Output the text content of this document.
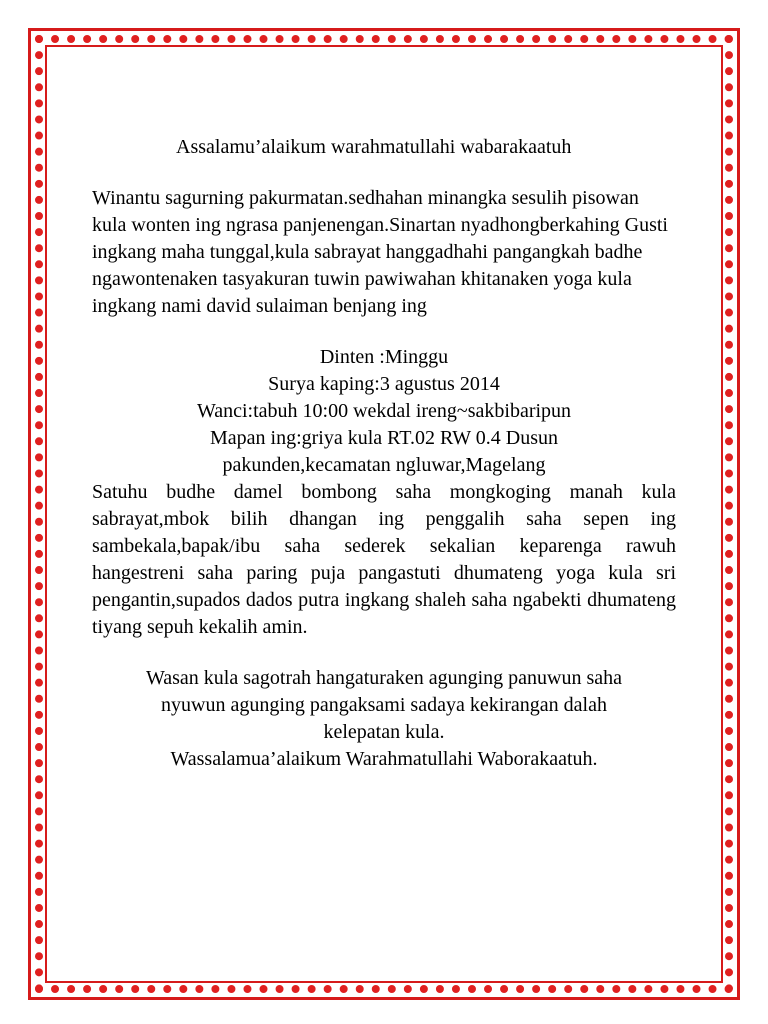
Assalamu’alaikum warahmatullahi wabarakaatuh

Winantu sagurning pakurmatan.sedhahan minangka sesulih pisowan kula wonten ing ngrasa panjenengan.Sinartan nyadhongberkahing Gusti ingkang maha tunggal,kula sabrayat hanggadhahi pangangkah badhe ngawontenaken tasyakuran tuwin pawiwahan khitanaken yoga kula ingkang nami david sulaiman benjang ing

Dinten :Minggu
Surya kaping:3 agustus 2014
Wanci:tabuh 10:00 wekdal ireng~sakbibaripun
Mapan ing:griya kula RT.02 RW 0.4 Dusun
pakunden,kecamatan ngluwar,Magelang

Satuhu budhe damel bombong saha mongkoging manah kula sabrayat,mbok bilih dhangan ing penggalih saha sepen ing sambekala,bapak/ibu saha sederek sekalian keparenga rawuh hangestreni saha paring puja pangastuti dhumateng yoga kula sri pengantin,supados dados putra ingkang shaleh saha ngabekti dhumateng tiyang sepuh kekalih amin.

Wasan kula sagotrah hangaturaken agunging panuwun saha
nyuwun agunging pangaksami sadaya kekirangan dalah
kelepatan kula.
Wassalamua’alaikum Warahmatullahi Waborakaatuh.
